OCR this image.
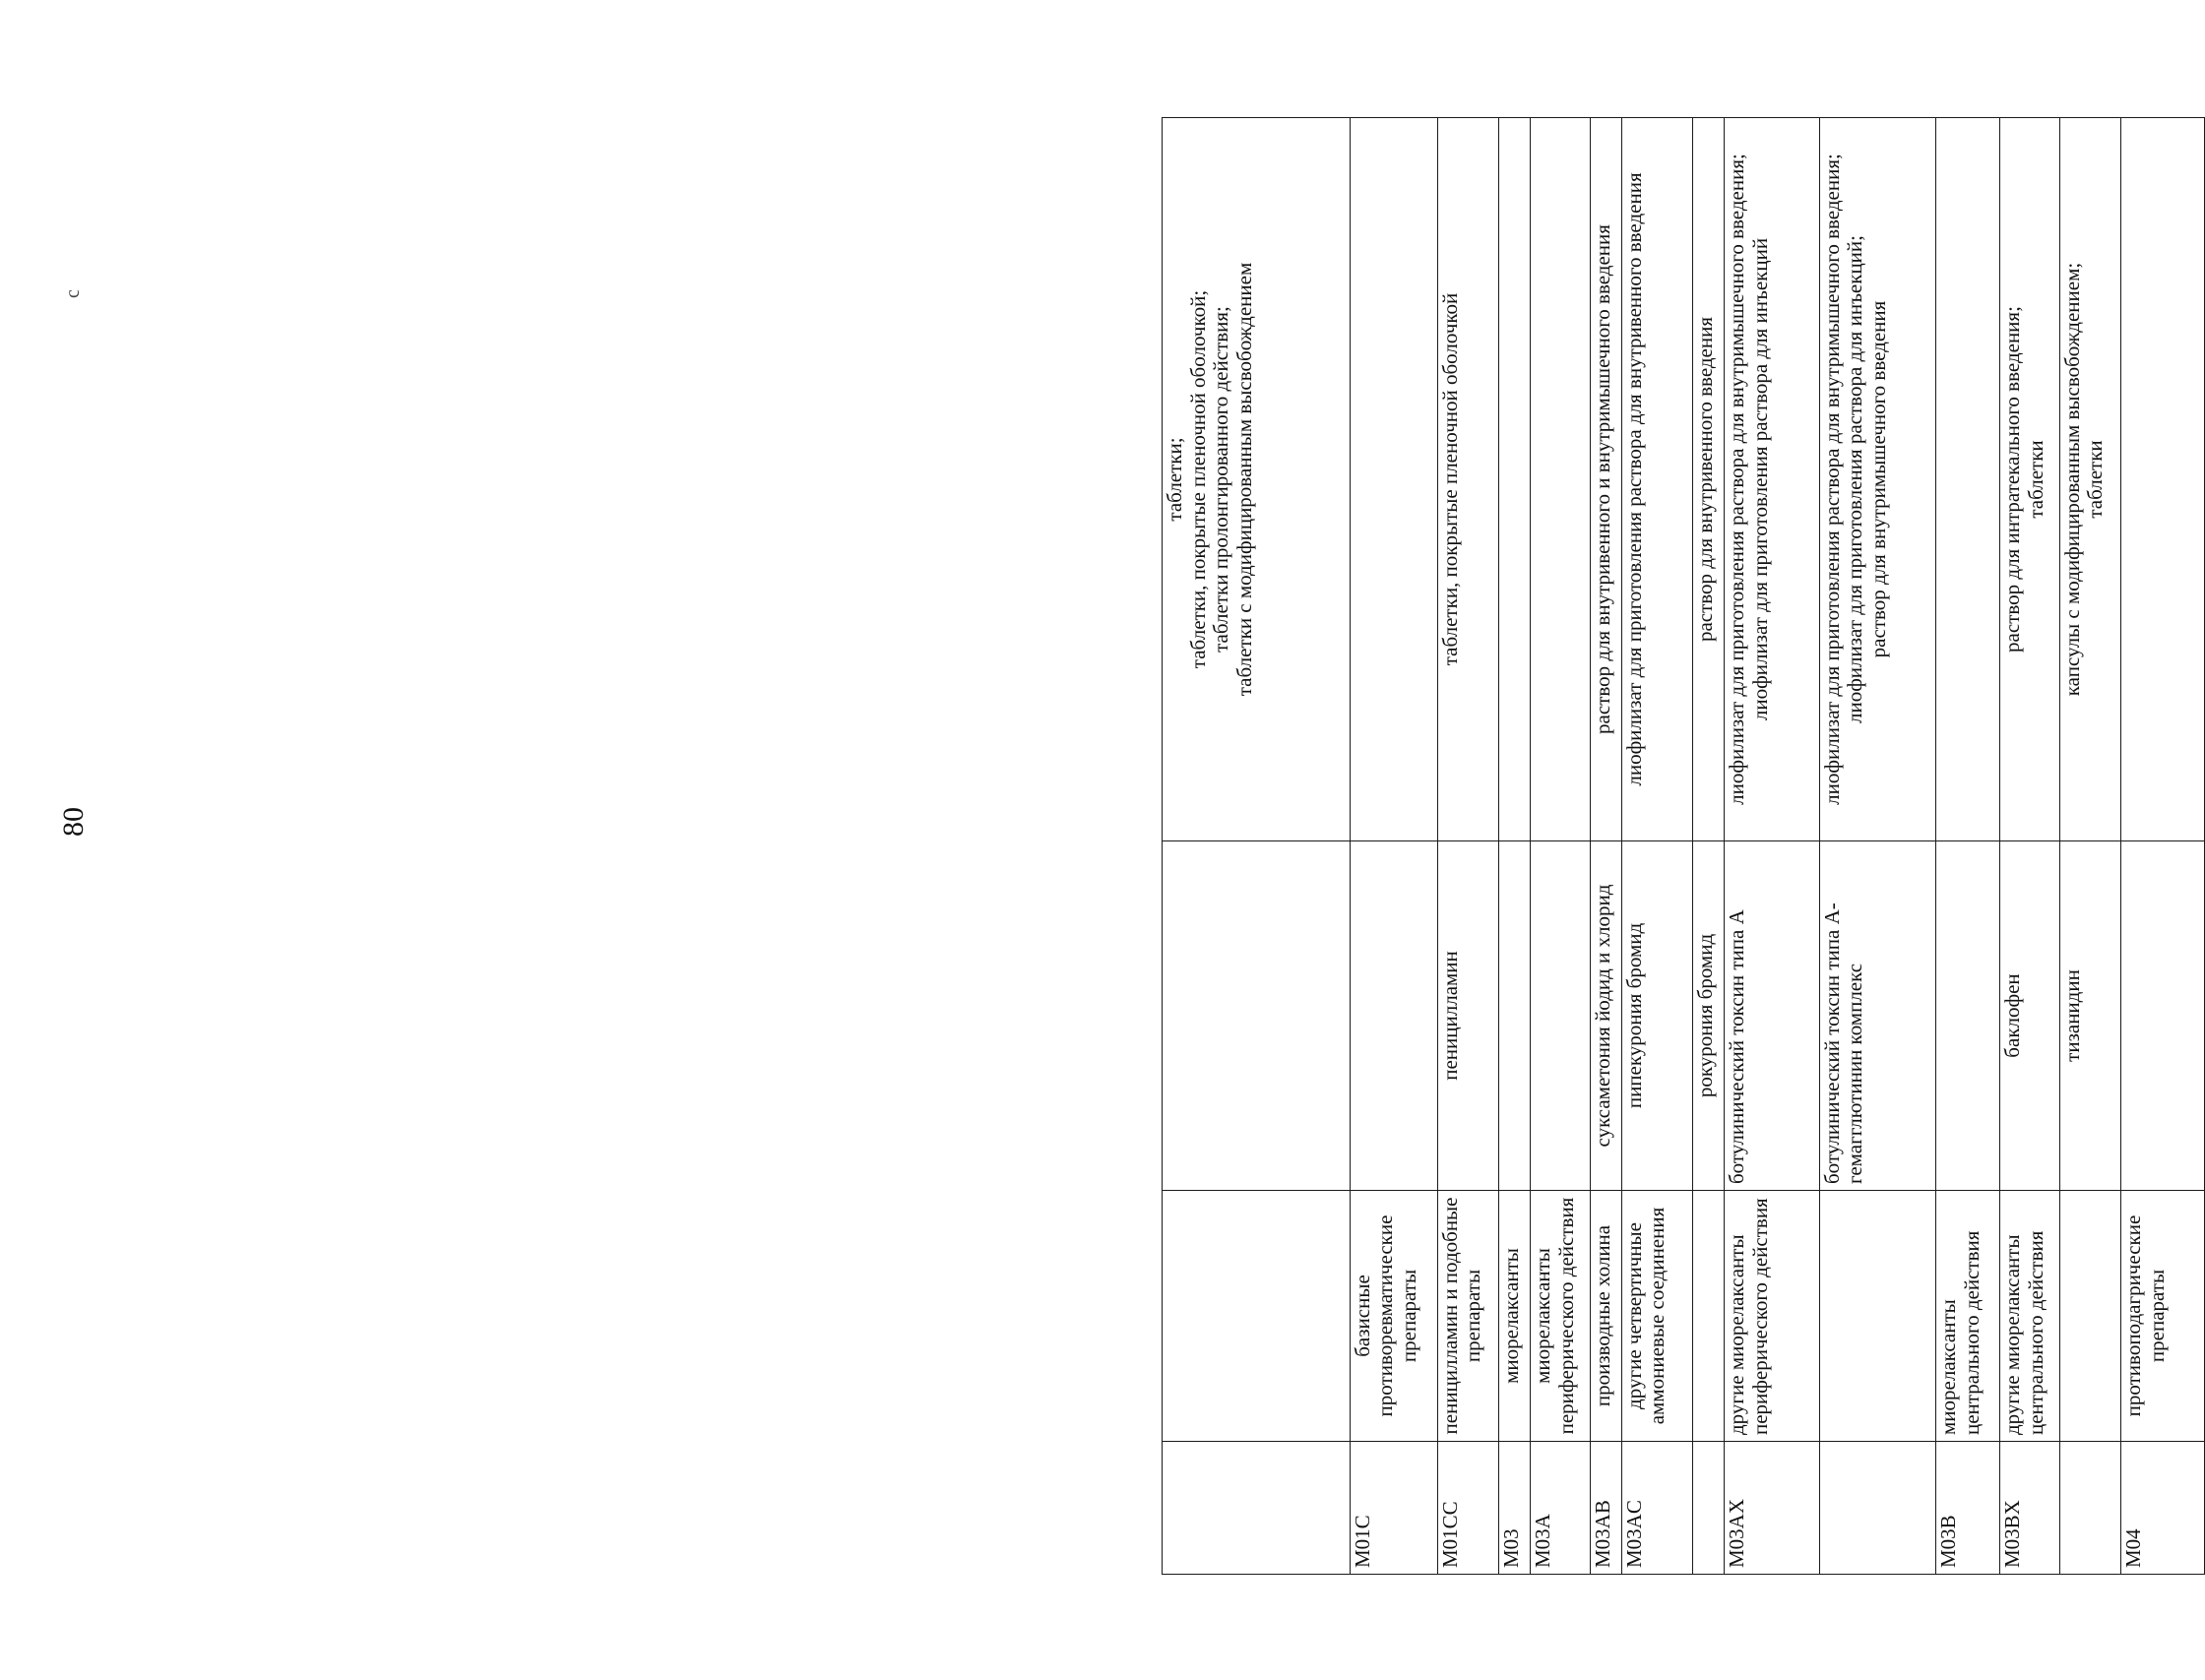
80
c

			таблетки; таблетки, покрытые пленочной оболочкой; таблетки пролонгированного действия; таблетки с модифицированным высвобождением

M01C	базисные противоревматические препараты		
M01CC	пеницилламин и подобные препараты	пеницилламин	таблетки, покрытые пленочной оболочкой

M03	миорелаксанты		
M03A	миорелаксанты периферического действия		
M03AB	производные холина	суксаметония йодид и хлорид	раствор для внутривенного и внутримышечного введения

M03AC	другие четвертичные аммониевые соединения	пипекурония бромид	лиофилизат для приготовления раствора для внутривенного введения

		рокурония бромид	раствор для внутривенного введения

M03AX	другие миорелаксанты периферического действия	ботулинический токсин типа А	лиофилизат для приготовления раствора для внутримышечного введения; лиофилизат для приготовления раствора для инъекций

		ботулинический токсин типа А-гемагглютинин комплекс	лиофилизат для приготовления раствора для внутримышечного введения; лиофилизат для приготовления раствора для инъекций; раствор для внутримышечного введения

M03B	миорелаксанты центрального действия		
M03BX	другие миорелаксанты центрального действия	баклофен	раствор для интратекального введения; таблетки

		тизанидин	капсулы с модифицированным высвобождением; таблетки

M04	противоподагрические препараты		
